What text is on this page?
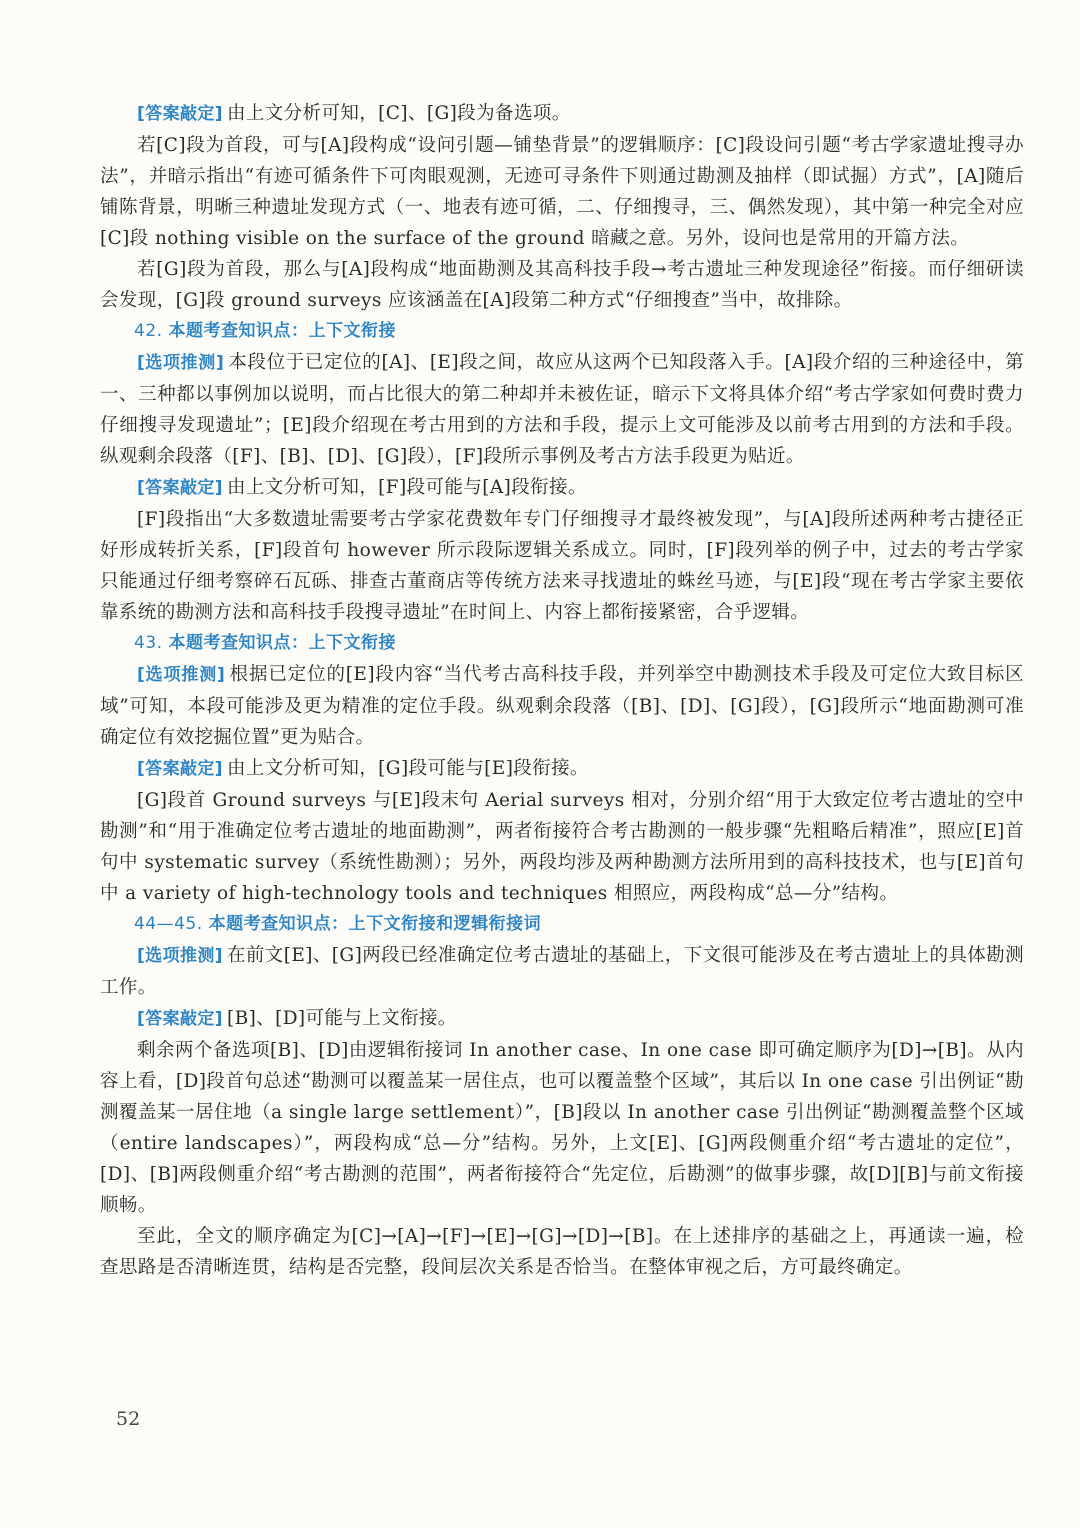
[答案敲定] 由上文分析可知，[C]、[G]段为备选项。

若[C]段为首段，可与[A]段构成“设问引题—铺垫背景”的逻辑顺序：[C]段设问引题“考古学家遗址搜寻办法”，并暗示指出“有迹可循条件下可肉眼观测，无迹可寻条件下则通过勘测及抽样（即试掘）方式”，[A]随后铺陈背景，明晰三种遗址发现方式（一、地表有迹可循，二、仔细搜寻，三、偶然发现），其中第一种完全对应[C]段 nothing visible on the surface of the ground 暗藏之意。另外，设问也是常用的开篇方法。

若[G]段为首段，那么与[A]段构成“地面勘测及其高科技手段→考古遗址三种发现途径”衔接。而仔细研读会发现，[G]段 ground surveys 应该涵盖在[A]段第二种方式“仔细搜查”当中，故排除。

42. 本题考查知识点：上下文衔接

[选项推测] 本段位于已定位的[A]、[E]段之间，故应从这两个已知段落入手。[A]段介绍的三种途径中，第一、三种都以事例加以说明，而占比很大的第二种却并未被佐证，暗示下文将具体介绍“考古学家如何费时费力仔细搜寻发现遗址”；[E]段介绍现在考古用到的方法和手段，提示上文可能涉及以前考古用到的方法和手段。纵观剩余段落（[F]、[B]、[D]、[G]段），[F]段所示事例及考古方法手段更为贴近。

[答案敲定] 由上文分析可知，[F]段可能与[A]段衔接。

[F]段指出“大多数遗址需要考古学家花费数年专门仔细搜寻才最终被发现”，与[A]段所述两种考古捷径正好形成转折关系，[F]段首句 however 所示段际逻辑关系成立。同时，[F]段列举的例子中，过去的考古学家只能通过仔细考察碎石瓦砾、排查古董商店等传统方法来寻找遗址的蛛丝马迹，与[E]段“现在考古学家主要依靠系统的勘测方法和高科技手段搜寻遗址”在时间上、内容上都衔接紧密，合乎逻辑。

43. 本题考查知识点：上下文衔接

[选项推测] 根据已定位的[E]段内容“当代考古高科技手段，并列举空中勘测技术手段及可定位大致目标区域”可知，本段可能涉及更为精准的定位手段。纵观剩余段落（[B]、[D]、[G]段），[G]段所示“地面勘测可准确定位有效挖掘位置”更为贴合。

[答案敲定] 由上文分析可知，[G]段可能与[E]段衔接。

[G]段首 Ground surveys 与[E]段末句 Aerial surveys 相对，分别介绍“用于大致定位考古遗址的空中勘测”和“用于准确定位考古遗址的地面勘测”，两者衔接符合考古勘测的一般步骤“先粗略后精准”，照应[E]首句中 systematic survey（系统性勘测）；另外，两段均涉及两种勘测方法所用到的高科技技术，也与[E]首句中 a variety of high-technology tools and techniques 相照应，两段构成“总—分”结构。

44—45. 本题考查知识点：上下文衔接和逻辑衔接词

[选项推测] 在前文[E]、[G]两段已经准确定位考古遗址的基础上，下文很可能涉及在考古遗址上的具体勘测工作。

[答案敲定] [B]、[D]可能与上文衔接。

剩余两个备选项[B]、[D]由逻辑衔接词 In another case、In one case 即可确定顺序为[D]→[B]。从内容上看，[D]段首句总述“勘测可以覆盖某一居住点，也可以覆盖整个区域”，其后以 In one case 引出例证“勘测覆盖某一居住地（a single large settlement）”，[B]段以 In another case 引出例证“勘测覆盖整个区域（entire landscapes）”，两段构成“总—分”结构。另外，上文[E]、[G]两段侧重介绍“考古遗址的定位”，[D]、[B]两段侧重介绍“考古勘测的范围”，两者衔接符合“先定位，后勘测”的做事步骤，故[D][B]与前文衔接顺畅。

至此，全文的顺序确定为[C]→[A]→[F]→[E]→[G]→[D]→[B]。在上述排序的基础之上，再通读一遍，检查思路是否清晰连贯，结构是否完整，段间层次关系是否恰当。在整体审视之后，方可最终确定。

52
